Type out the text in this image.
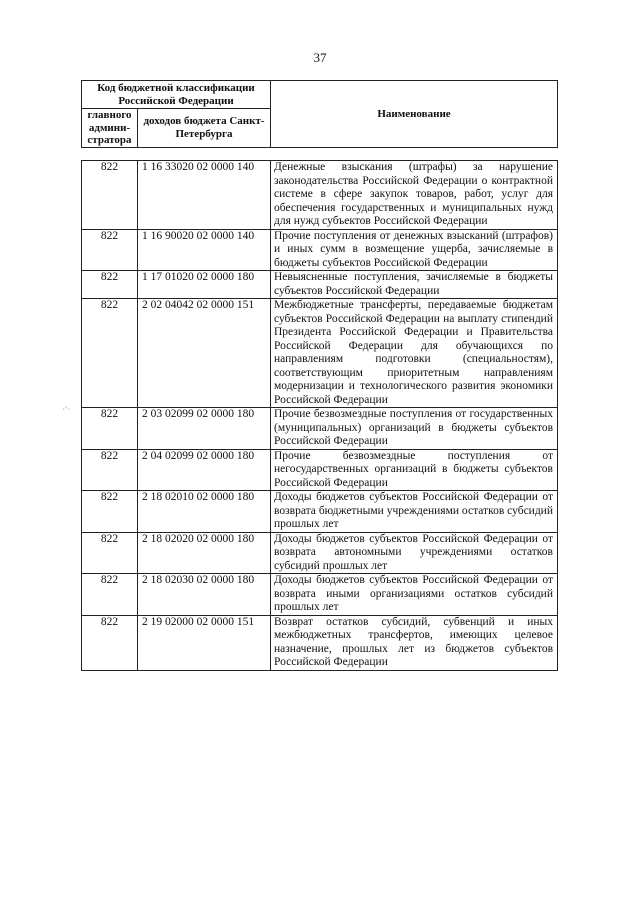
37
Код бюджетной классификации Российской Федерации		Наименование
главного админи-стратора	доходов бюджета Санкт-Петербурга	
822	1 16 33020 02 0000 140	Денежные взыскания (штрафы) за нарушение законодательства Российской Федерации о контрактной системе в сфере закупок товаров, работ, услуг для обеспечения государственных и муниципальных нужд для нужд субъектов Российской Федерации
822	1 16 90020 02 0000 140	Прочие поступления от денежных взысканий (штрафов) и иных сумм в возмещение ущерба, зачисляемые в бюджеты субъектов Российской Федерации
822	1 17 01020 02 0000 180	Невыясненные поступления, зачисляемые в бюджеты субъектов Российской Федерации
822	2 02 04042 02 0000 151	Межбюджетные трансферты, передаваемые бюджетам субъектов Российской Федерации на выплату стипендий Президента Российской Федерации и Правительства Российской Федерации для обучающихся по направлениям подготовки (специальностям), соответствующим приоритетным направлениям модернизации и технологического развития экономики Российской Федерации
822	2 03 02099 02 0000 180	Прочие безвозмездные поступления от государственных (муниципальных) организаций в бюджеты субъектов Российской Федерации
822	2 04 02099 02 0000 180	Прочие безвозмездные поступления от негосударственных организаций в бюджеты субъектов Российской Федерации
822	2 18 02010 02 0000 180	Доходы бюджетов субъектов Российской Федерации от возврата бюджетными учреждениями остатков субсидий прошлых лет
822	2 18 02020 02 0000 180	Доходы бюджетов субъектов Российской Федерации от возврата автономными учреждениями остатков субсидий прошлых лет
822	2 18 02030 02 0000 180	Доходы бюджетов субъектов Российской Федерации от возврата иными организациями остатков субсидий прошлых лет
822	2 19 02000 02 0000 151	Возврат остатков субсидий, субвенций и иных межбюджетных трансфертов, имеющих целевое назначение, прошлых лет из бюджетов субъектов Российской Федерации
·ʼ·
